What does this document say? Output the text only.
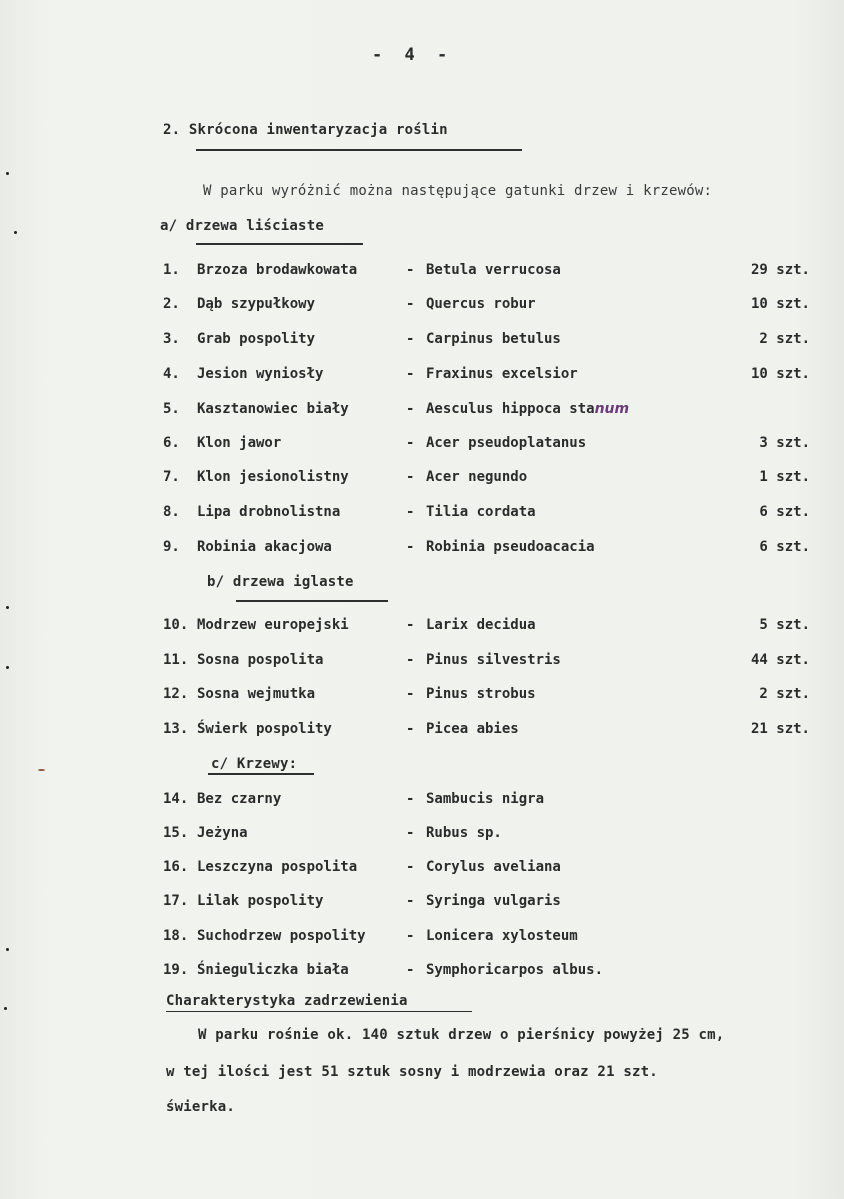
- 4 -
2. Skrócona inwentaryzacja roślin
W parku wyróżnić można następujące gatunki drzew i krzewów:
a/ drzewa liściaste
1. Brzoza brodawkowata	- Betula verrucosa	29 szt.
2. Dąb szypułkowy	- Quercus robur	10 szt.
3. Grab pospolity	- Carpinus betulus	2 szt.
4. Jesion wyniosły	- Fraxinus excelsior	10 szt.
5. Kasztanowiec biały	- Aesculus hippoca stanum
6. Klon jawor	- Acer pseudoplatanus	3 szt.
7. Klon jesionolistny	- Acer negundo	1 szt.
8. Lipa drobnolistna	- Tilia cordata	6 szt.
9. Robinia akacjowa	- Robinia pseudoacacia	6 szt.
10. Modrzew europejski	- Larix decidua	5 szt.
11. Sosna pospolita	- Pinus silvestris	44 szt.
12. Sosna wejmutka	- Pinus strobus	2 szt.
13. Świerk pospolity	- Picea abies	21 szt.
14. Bez czarny	- Sambucis nigra
15. Jeżyna	- Rubus sp.
16. Leszczyna pospolita	- Corylus aveliana
17. Lilak pospolity	- Syringa vulgaris
18. Suchodrzew pospolity	- Lonicera xylosteum
19. Śnieguliczka biała	- Symphoricarpos albus.
b/ drzewa iglaste
c/ Krzewy:
Charakterystyka zadrzewienia
W parku rośnie ok. 140 sztuk drzew o pierśnicy powyżej 25 cm,
w tej ilości jest 51 sztuk sosny i modrzewia oraz 21 szt.
świerka.
